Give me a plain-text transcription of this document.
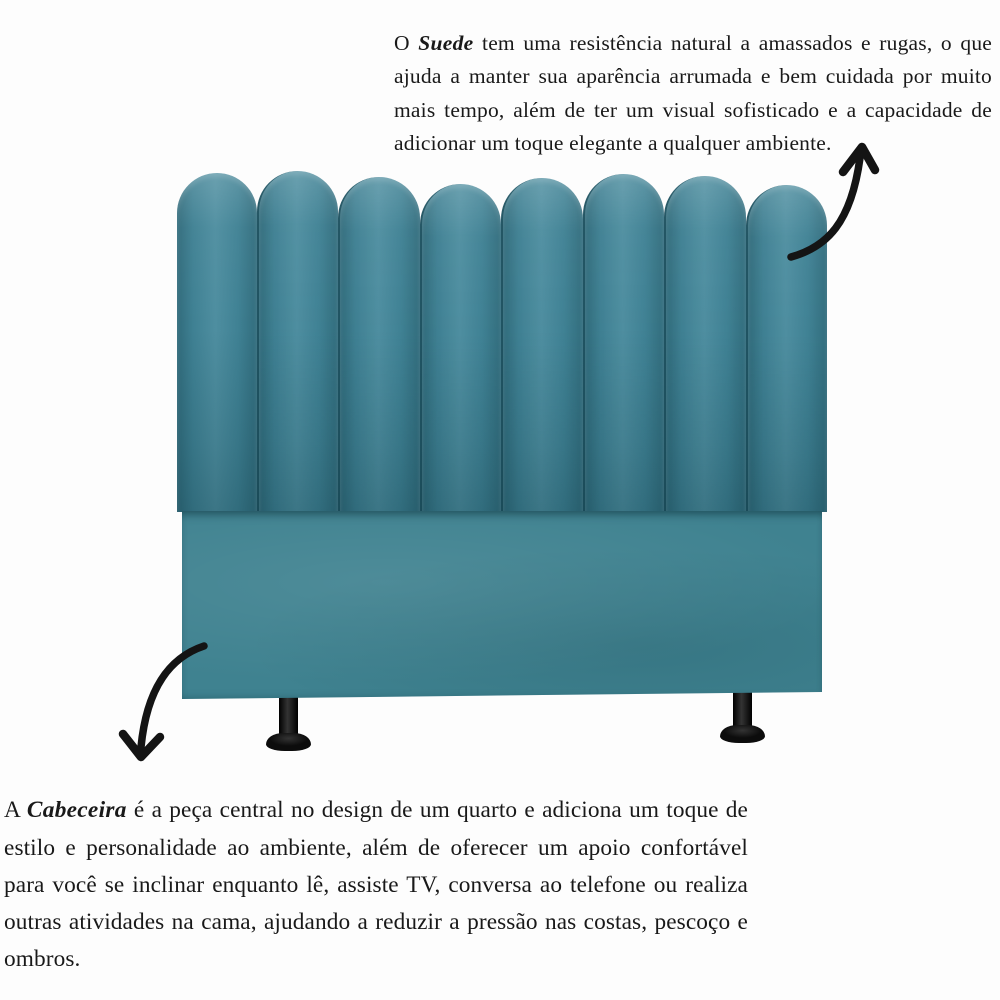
O Suede tem uma resistência natural a amassados e rugas, o que ajuda a manter sua aparência arrumada e bem cuidada por muito mais tempo, além de ter um visual sofisticado e a capacidade de adicionar um toque elegante a qualquer ambiente.

A Cabeceira é a peça central no design de um quarto e adiciona um toque de estilo e personalidade ao ambiente, além de oferecer um apoio confortável para você se inclinar enquanto lê, assiste TV, conversa ao telefone ou realiza outras atividades na cama, ajudando a reduzir a pressão nas costas, pescoço e ombros.
